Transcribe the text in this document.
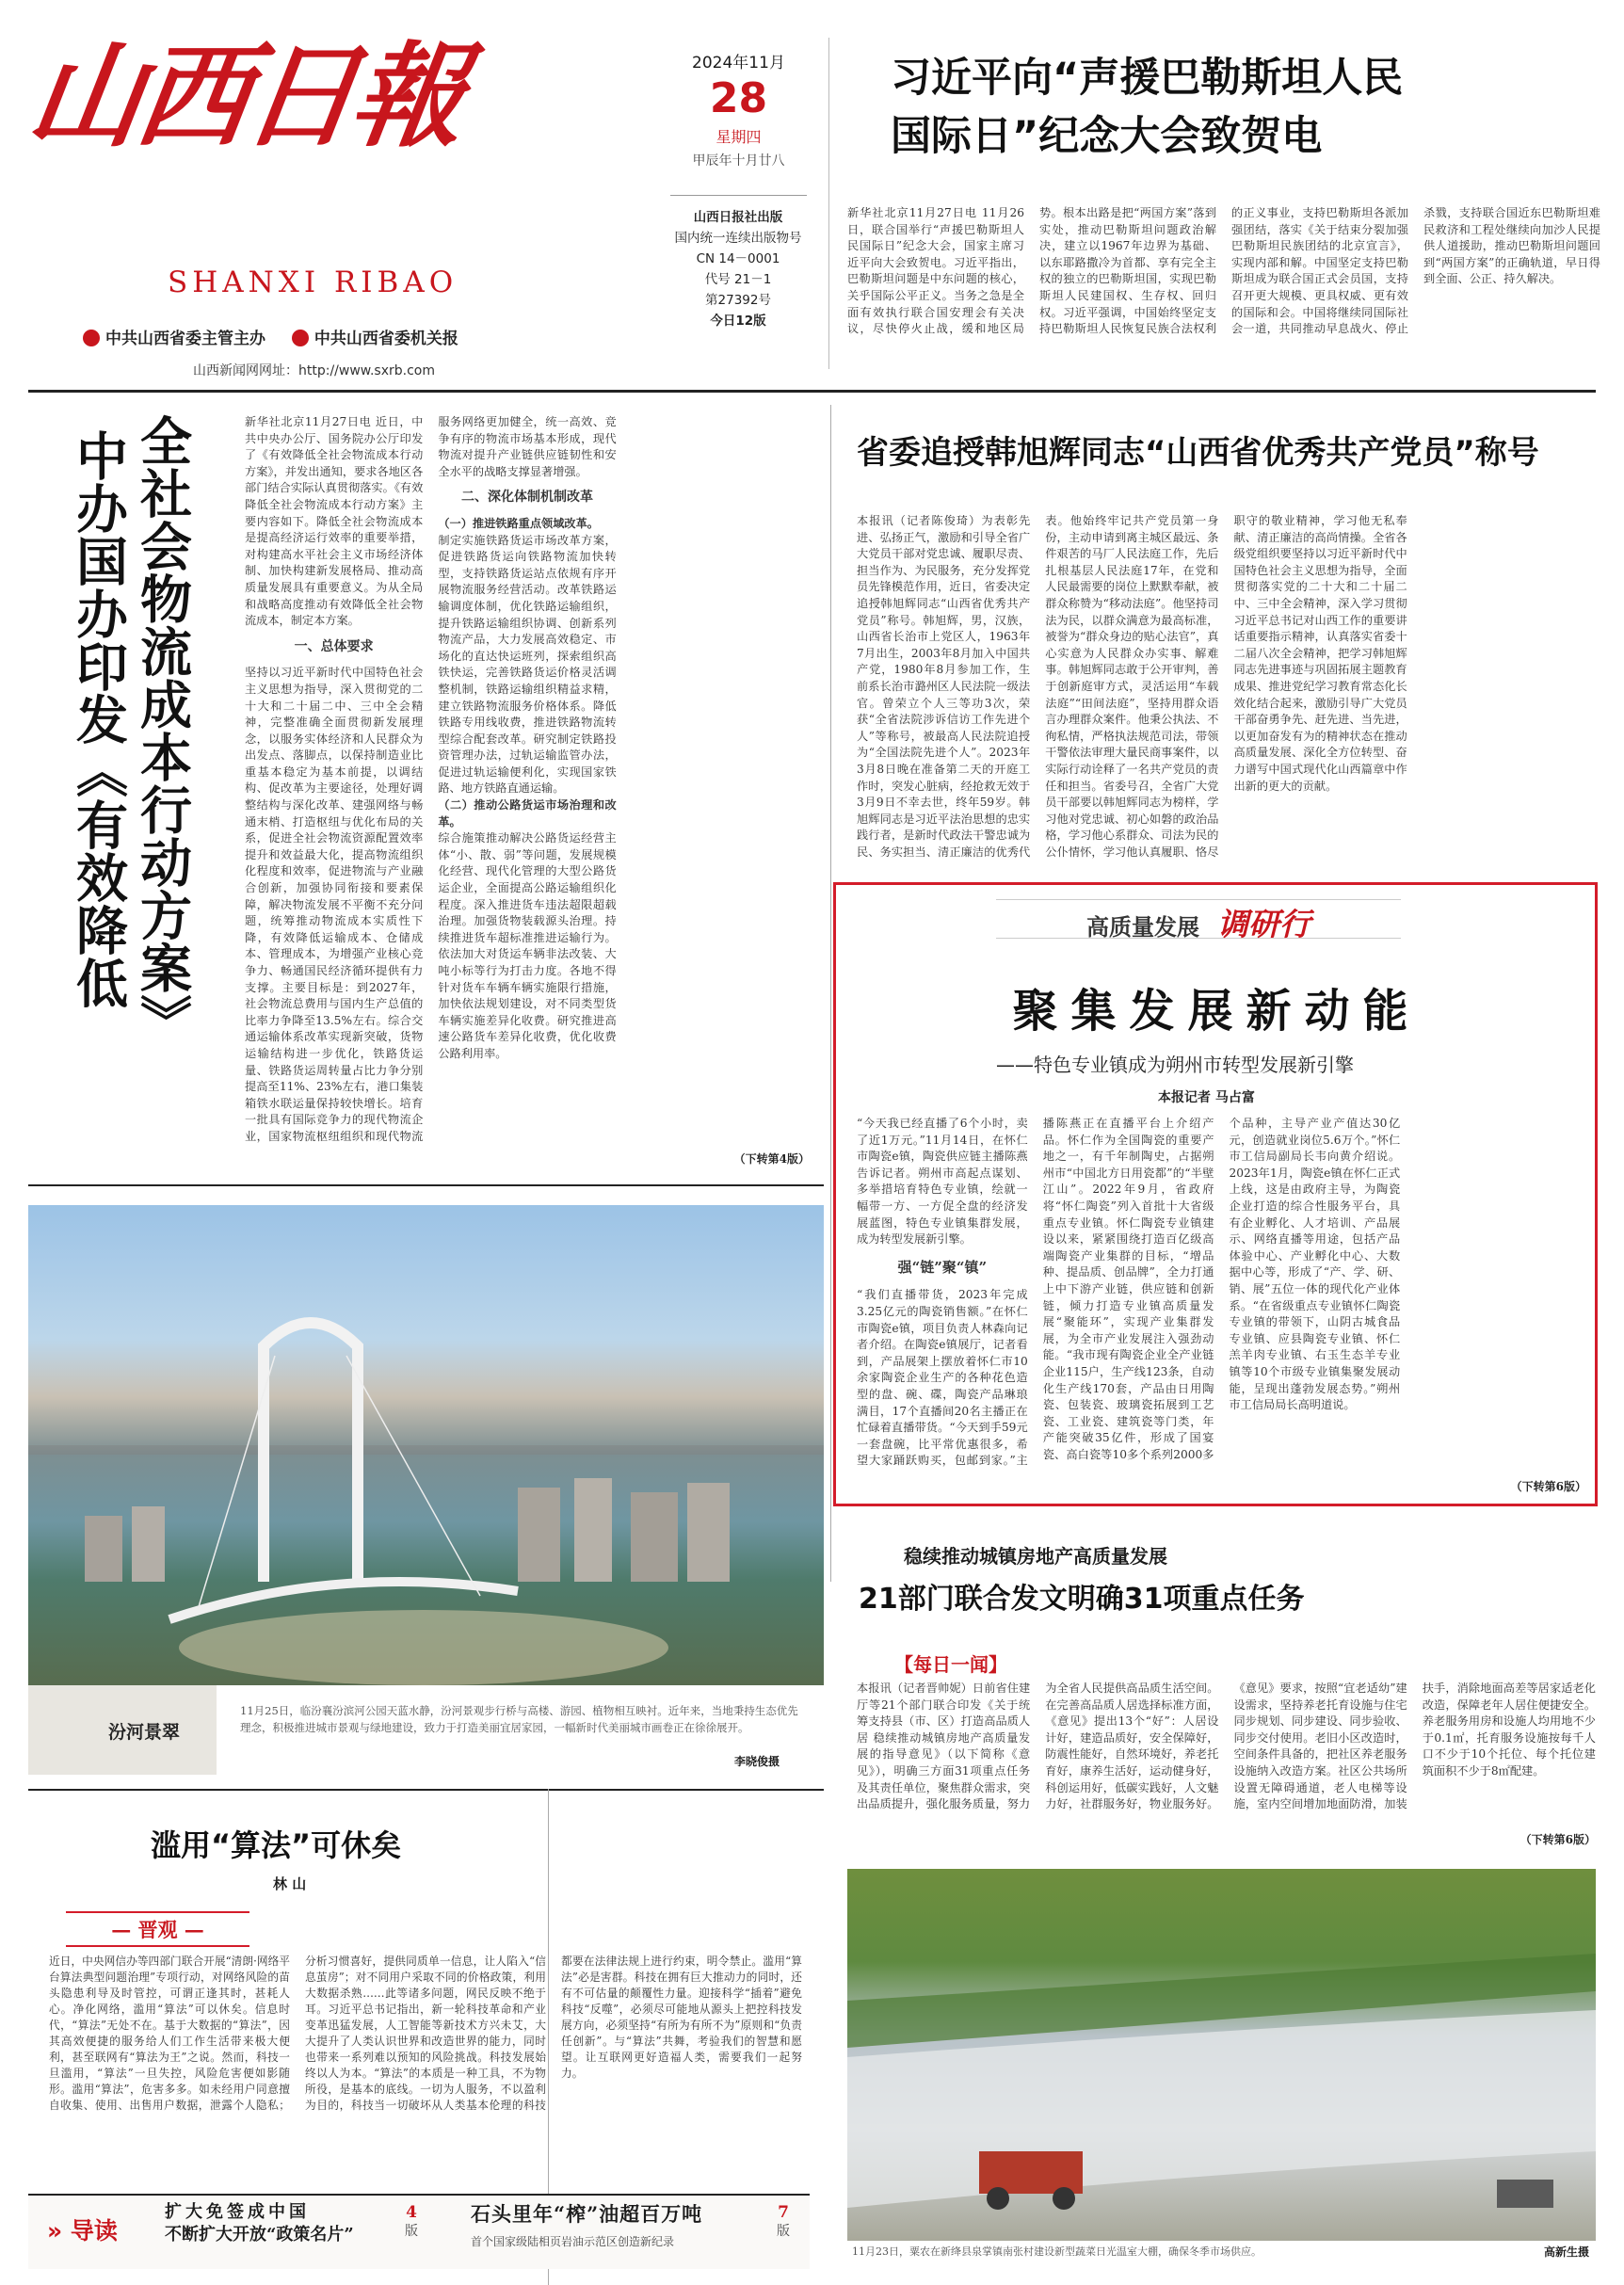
山西日報
SHANXI RIBAO
中共山西省委主管主办	中共山西省委机关报
山西新闻网网址：http://www.sxrb.com
2024年11月
28
星期四
甲辰年十月廿八
山西日报社出版
国内统一连续出版物号
CN 14－0001
代号 21－1
第27392号
今日12版
习近平向“声援巴勒斯坦人民
国际日”纪念大会致贺电
新华社北京11月27日电 11月26日，联合国举行“声援巴勒斯坦人民国际日”纪念大会，国家主席习近平向大会致贺电。习近平指出，巴勒斯坦问题是中东问题的核心，关乎国际公平正义。当务之急是全面有效执行联合国安理会有关决议，尽快停火止战，缓和地区局势。根本出路是把“两国方案”落到实处，推动巴勒斯坦问题政治解决，建立以1967年边界为基础、以东耶路撒冷为首都、享有完全主权的独立的巴勒斯坦国，实现巴勒斯坦人民建国权、生存权、回归权。习近平强调，中国始终坚定支持巴勒斯坦人民恢复民族合法权利的正义事业，支持巴勒斯坦各派加强团结，落实《关于结束分裂加强巴勒斯坦民族团结的北京宣言》，实现内部和解。中国坚定支持巴勒斯坦成为联合国正式会员国，支持召开更大规模、更具权威、更有效的国际和会。中国将继续同国际社会一道，共同推动早息战火、停止杀戮，支持联合国近东巴勒斯坦难民救济和工程处继续向加沙人民提供人道援助，推动巴勒斯坦问题回到“两国方案”的正确轨道，早日得到全面、公正、持久解决。
中办国办印发《有效降低 全社会物流成本行动方案》	新华社北京11月27日电 近日，中共中央办公厅、国务院办公厅印发了《有效降低全社会物流成本行动方案》，并发出通知，要求各地区各部门结合实际认真贯彻落实。《有效降低全社会物流成本行动方案》主要内容如下。降低全社会物流成本是提高经济运行效率的重要举措，对构建高水平社会主义市场经济体制、加快构建新发展格局、推动高质量发展具有重要意义。为从全局和战略高度推动有效降低全社会物流成本，制定本方案。

一、总体要求

坚持以习近平新时代中国特色社会主义思想为指导，深入贯彻党的二十大和二十届二中、三中全会精神，完整准确全面贯彻新发展理念，以服务实体经济和人民群众为出发点、落脚点，以保持制造业比重基本稳定为基本前提，以调结构、促改革为主要途径，处理好调整结构与深化改革、建强网络与畅通末梢、打造枢纽与优化布局的关系，促进全社会物流资源配置效率提升和效益最大化，提高物流组织化程度和效率，促进物流与产业融合创新，加强协同衔接和要素保障，解决物流发展不平衡不充分问题，统筹推动物流成本实质性下降，有效降低运输成本、仓储成本、管理成本，为增强产业核心竞争力、畅通国民经济循环提供有力支撑。主要目标是：到2027年，社会物流总费用与国内生产总值的比率力争降至13.5%左右。综合交通运输体系改革实现新突破，货物运输结构进一步优化，铁路货运量、铁路货运周转量占比力争分别提高至11%、23%左右，港口集装箱铁水联运量保持较快增长。培育一批具有国际竞争力的现代物流企业，国家物流枢纽组织和现代物流服务网络更加健全，统一高效、竞争有序的物流市场基本形成，现代物流对提升产业链供应链韧性和安全水平的战略支撑显著增强。

二、深化体制机制改革

（一）推进铁路重点领域改革。

制定实施铁路货运市场改革方案，促进铁路货运向铁路物流加快转型，支持铁路货运站点依规有序开展物流服务经营活动。改革铁路运输调度体制，优化铁路运输组织，提升铁路运输组织协调、创新系列物流产品，大力发展高效稳定、市场化的直达快运班列，探索组织高铁快运，完善铁路货运价格灵活调整机制，铁路运输组织精益求精，建立铁路物流服务价格体系。降低铁路专用线收费，推进铁路物流转型综合配套改革。研究制定铁路投资管理办法，过轨运输监管办法，促进过轨运输便利化，实现国家铁路、地方铁路直通运输。

（二）推动公路货运市场治理和改革。

综合施策推动解决公路货运经营主体“小、散、弱”等问题，发展规模化经营、现代化管理的大型公路货运企业，全面提高公路运输组织化程度。深入推进货车违法超限超载治理。加强货物装载源头治理。持续推进货车超标准推进运输行为。依法加大对货运车辆非法改装、大吨小标等行为打击力度。各地不得针对货车车辆车辆实施限行措施，加快依法规划建设，对不同类型货车辆实施差异化收费。研究推进高速公路货车差异化收费，优化收费公路利用率。

（下转第4版）
省委追授韩旭辉同志“山西省优秀共产党员”称号
本报讯（记者陈俊琦）为表彰先进、弘扬正气，激励和引导全省广大党员干部对党忠诚、履职尽责、担当作为、为民服务，充分发挥党员先锋模范作用，近日，省委决定追授韩旭辉同志“山西省优秀共产党员”称号。韩旭辉，男，汉族，山西省长治市上党区人，1963年7月出生，2003年8月加入中国共产党，1980年8月参加工作，生前系长治市潞州区人民法院一级法官。曾荣立个人三等功3次，荣获“全省法院涉诉信访工作先进个人”等称号，被最高人民法院追授为“全国法院先进个人”。2023年3月8日晚在准备第二天的开庭工作时，突发心脏病，经抢救无效于3月9日不幸去世，终年59岁。韩旭辉同志是习近平法治思想的忠实践行者，是新时代政法干警忠诚为民、务实担当、清正廉洁的优秀代表。他始终牢记共产党员第一身份，主动申请到离主城区最远、条件艰苦的马厂人民法庭工作，先后扎根基层人民法庭17年，在党和人民最需要的岗位上默默奉献，被群众称赞为“移动法庭”。他坚持司法为民，以群众满意为最高标准，被誉为“群众身边的贴心法官”，真心实意为人民群众办实事、解难事。韩旭辉同志敢于公开审判，善于创新庭审方式，灵活运用“车载法庭”“田间法庭”，坚持用群众语言办理群众案件。他秉公执法、不徇私情，严格执法规范司法，带领干警依法审理大量民商事案件，以实际行动诠释了一名共产党员的责任和担当。省委号召，全省广大党员干部要以韩旭辉同志为榜样，学习他对党忠诚、初心如磐的政治品格，学习他心系群众、司法为民的公仆情怀，学习他认真履职、恪尽职守的敬业精神，学习他无私奉献、清正廉洁的高尚情操。全省各级党组织要坚持以习近平新时代中国特色社会主义思想为指导，全面贯彻落实党的二十大和二十届二中、三中全会精神，深入学习贯彻习近平总书记对山西工作的重要讲话重要指示精神，认真落实省委十二届八次全会精神，把学习韩旭辉同志先进事迹与巩固拓展主题教育成果、推进党纪学习教育常态化长效化结合起来，激励引导广大党员干部奋勇争先、赶先进、当先进，以更加奋发有为的精神状态在推动高质量发展、深化全方位转型、奋力谱写中国式现代化山西篇章中作出新的更大的贡献。
高质量发展 调研行
聚集发展新动能
——特色专业镇成为朔州市转型发展新引擎
本报记者 马占富

“今天我已经直播了6个小时，卖了近1万元。”11月14日，在怀仁市陶瓷e镇，陶瓷供应链主播陈燕告诉记者。朔州市高起点谋划、多举措培育特色专业镇，绘就一幅带一方、一方促全盘的经济发展蓝图，特色专业镇集群发展，成为转型发展新引擎。

强“链”聚“镇”

“我们直播带货，2023年完成3.25亿元的陶瓷销售额。”在怀仁市陶瓷e镇，项目负责人林森向记者介绍。在陶瓷e镇展厅，记者看到，产品展架上摆放着怀仁市10余家陶瓷企业生产的各种花色造型的盘、碗、碟，陶瓷产品琳琅满目，17个直播间20名主播正在忙碌着直播带货。“今天到手59元一套盘碗，比平常优惠很多，希望大家踊跃购买，包邮到家。”主播陈燕正在直播平台上介绍产品。怀仁作为全国陶瓷的重要产地之一，有千年制陶史，占据朔州市“中国北方日用瓷都”的“半壁江山”。2022年9月，省政府将“怀仁陶瓷”列入首批十大省级重点专业镇。怀仁陶瓷专业镇建设以来，紧紧围绕打造百亿级高端陶瓷产业集群的目标，“增品种、提品质、创品牌”，全力打通上中下游产业链，供应链和创新链，倾力打造专业镇高质量发展“聚能环”，实现产业集群发展，为全市产业发展注入强劲动能。“我市现有陶瓷企业全产业链企业115户，生产线123条，自动化生产线170套，产品由日用陶瓷、包装瓷、玻璃瓷拓展到工艺瓷、工业瓷、建筑瓷等门类，年产能突破35亿件，形成了国宴瓷、高白瓷等10多个系列2000多个品种，主导产业产值达30亿元，创造就业岗位5.6万个。”怀仁市工信局副局长韦向黄介绍说。2023年1月，陶瓷e镇在怀仁正式上线，这是由政府主导，为陶瓷企业打造的综合性服务平台，具有企业孵化、人才培训、产品展示、网络直播等用途，包括产品体验中心、产业孵化中心、大数据中心等，形成了“产、学、研、销、展”五位一体的现代化产业体系。“在省级重点专业镇怀仁陶瓷专业镇的带领下，山阴古城食品专业镇、应县陶瓷专业镇、怀仁羔羊肉专业镇、右玉生态羊专业镇等10个市级专业镇集聚发展动能，呈现出蓬勃发展态势。”朔州市工信局局长高明道说。

（下转第6版）
汾河景翠
11月25日，临汾襄汾滨河公园天蓝水静，汾河景观步行桥与高楼、游园、植物相互映衬。近年来，当地秉持生态优先理念，积极推进城市景观与绿地建设，致力于打造美丽宜居家园，一幅新时代美丽城市画卷正在徐徐展开。
李晓俊摄
滥用“算法”可休矣
林 山
— 晋观 —
近日，中央网信办等四部门联合开展“清朗·网络平台算法典型问题治理”专项行动，对网络风险的苗头隐患利导及时管控，可谓正逢其时，甚耗人心。净化网络，滥用“算法”可以休矣。信息时代，“算法”无处不在。基于大数据的“算法”，因其高效便捷的服务给人们工作生活带来极大便利，甚至联网有“算法为王”之说。然而，科技一旦滥用，“算法”一旦失控，风险危害便如影随形。滥用“算法”，危害多多。如未经用户同意擅自收集、使用、出售用户数据，泄露个人隐私；分析习惯喜好，提供同质单一信息，让人陷入“信息茧房”；对不同用户采取不同的价格政策，利用大数据杀熟……此等诸多问题，网民反映不绝于耳。习近平总书记指出，新一轮科技革命和产业变革迅猛发展，人工智能等新技术方兴未艾，大大提升了人类认识世界和改造世界的能力，同时也带来一系列难以预知的风险挑战。科技发展始终以人为本。“算法”的本质是一种工具，不为物所役，是基本的底线。一切为人服务，不以盈利为目的，科技当一切破坏从人类基本伦理的科技都要在法律法规上进行约束，明令禁止。滥用“算法”必是害群。科技在拥有巨大推动力的同时，还有不可估量的颠覆性力量。迎接科学“插着”避免科技“反噬”，必须尽可能地从源头上把控科技发展方向，必须坚持“有所为有所不为”原则和“负责任创新”。与“算法”共舞，考验我们的智慧和愿望。让互联网更好造福人类，需要我们一起努力。
稳续推动城镇房地产高质量发展
21部门联合发文明确31项重点任务
【每日一闻】
本报讯（记者晋帅妮）日前省住建厅等21个部门联合印发《关于统筹支持县（市、区）打造高品质人居 稳续推动城镇房地产高质量发展的指导意见》（以下简称《意见》），明确三方面31项重点任务及其责任单位，聚焦群众需求，突出品质提升，强化服务质量，努力为全省人民提供高品质生活空间。在完善高品质人居选择标准方面，《意见》提出13个“好”：人居设计好，建造品质好，安全保障好，防震性能好，自然环境好，养老托育好，康养生活好，运动健身好，科创运用好，低碳实践好，人文魅力好，社群服务好，物业服务好。《意见》要求，按照“宜老适幼”建设需求，坚持养老托育设施与住宅同步规划、同步建设、同步验收、同步交付使用。老旧小区改造时，空间条件具备的，把社区养老服务设施纳入改造方案。社区公共场所设置无障碍通道，老人电梯等设施，室内空间增加地面防滑，加装扶手，消除地面高差等居家适老化改造，保障老年人居住便捷安全。养老服务用房和设施人均用地不少于0.1㎡，托育服务设施按每千人口不少于10个托位、每个托位建筑面积不少于8㎡配建。
（下转第6版）
11月23日，粟农在新绛县泉掌镇南张村建设新型蔬菜日光温室大棚，确保冬季市场供应。	高新生摄
» 导读
扩大免签成中国
不断扩大开放“政策名片”
4
版
石头里年“榨”油超百万吨
首个国家级陆相页岩油示范区创造新纪录
7
版
